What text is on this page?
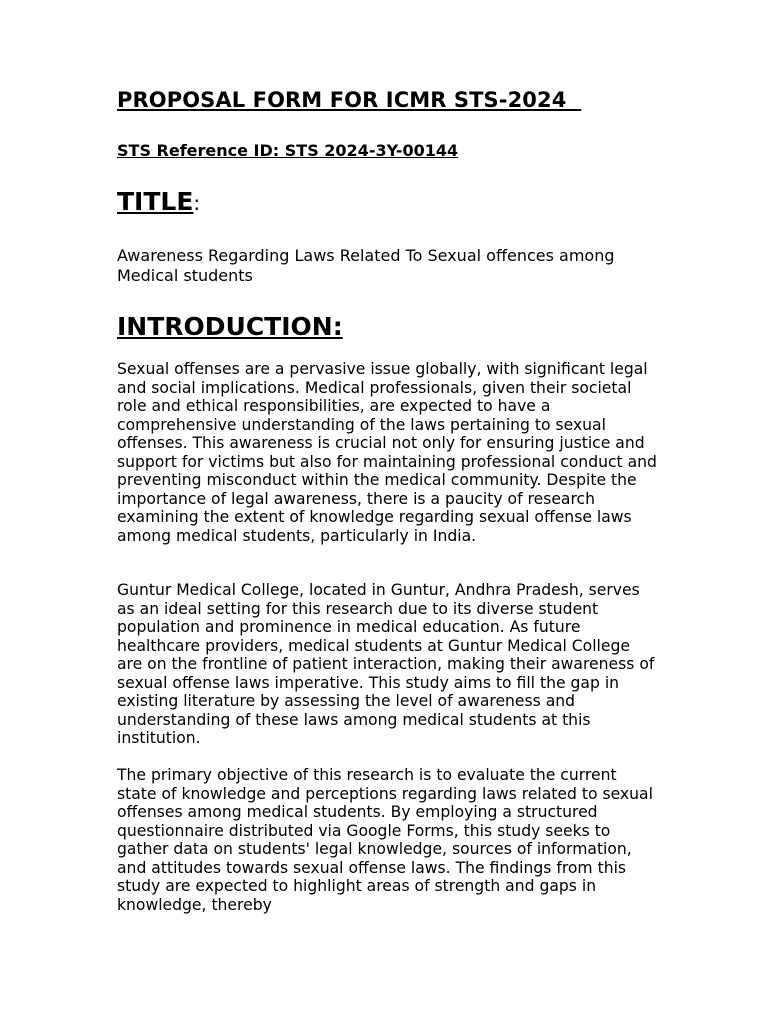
PROPOSAL FORM FOR ICMR STS-2024

STS Reference ID: STS 2024-3Y-00144

TITLE:

Awareness Regarding Laws Related To Sexual offences among Medical students

INTRODUCTION:

Sexual offenses are a pervasive issue globally, with significant legal and social implications. Medical professionals, given their societal role and ethical responsibilities, are expected to have a comprehensive understanding of the laws pertaining to sexual offenses. This awareness is crucial not only for ensuring justice and support for victims but also for maintaining professional conduct and preventing misconduct within the medical community. Despite the importance of legal awareness, there is a paucity of research examining the extent of knowledge regarding sexual offense laws among medical students, particularly in India.

Guntur Medical College, located in Guntur, Andhra Pradesh, serves as an ideal setting for this research due to its diverse student population and prominence in medical education. As future healthcare providers, medical students at Guntur Medical College are on the frontline of patient interaction, making their awareness of sexual offense laws imperative. This study aims to fill the gap in existing literature by assessing the level of awareness and understanding of these laws among medical students at this institution.

The primary objective of this research is to evaluate the current state of knowledge and perceptions regarding laws related to sexual offenses among medical students. By employing a structured questionnaire distributed via Google Forms, this study seeks to gather data on students' legal knowledge, sources of information, and attitudes towards sexual offense laws. The findings from this study are expected to highlight areas of strength and gaps in knowledge, thereby
